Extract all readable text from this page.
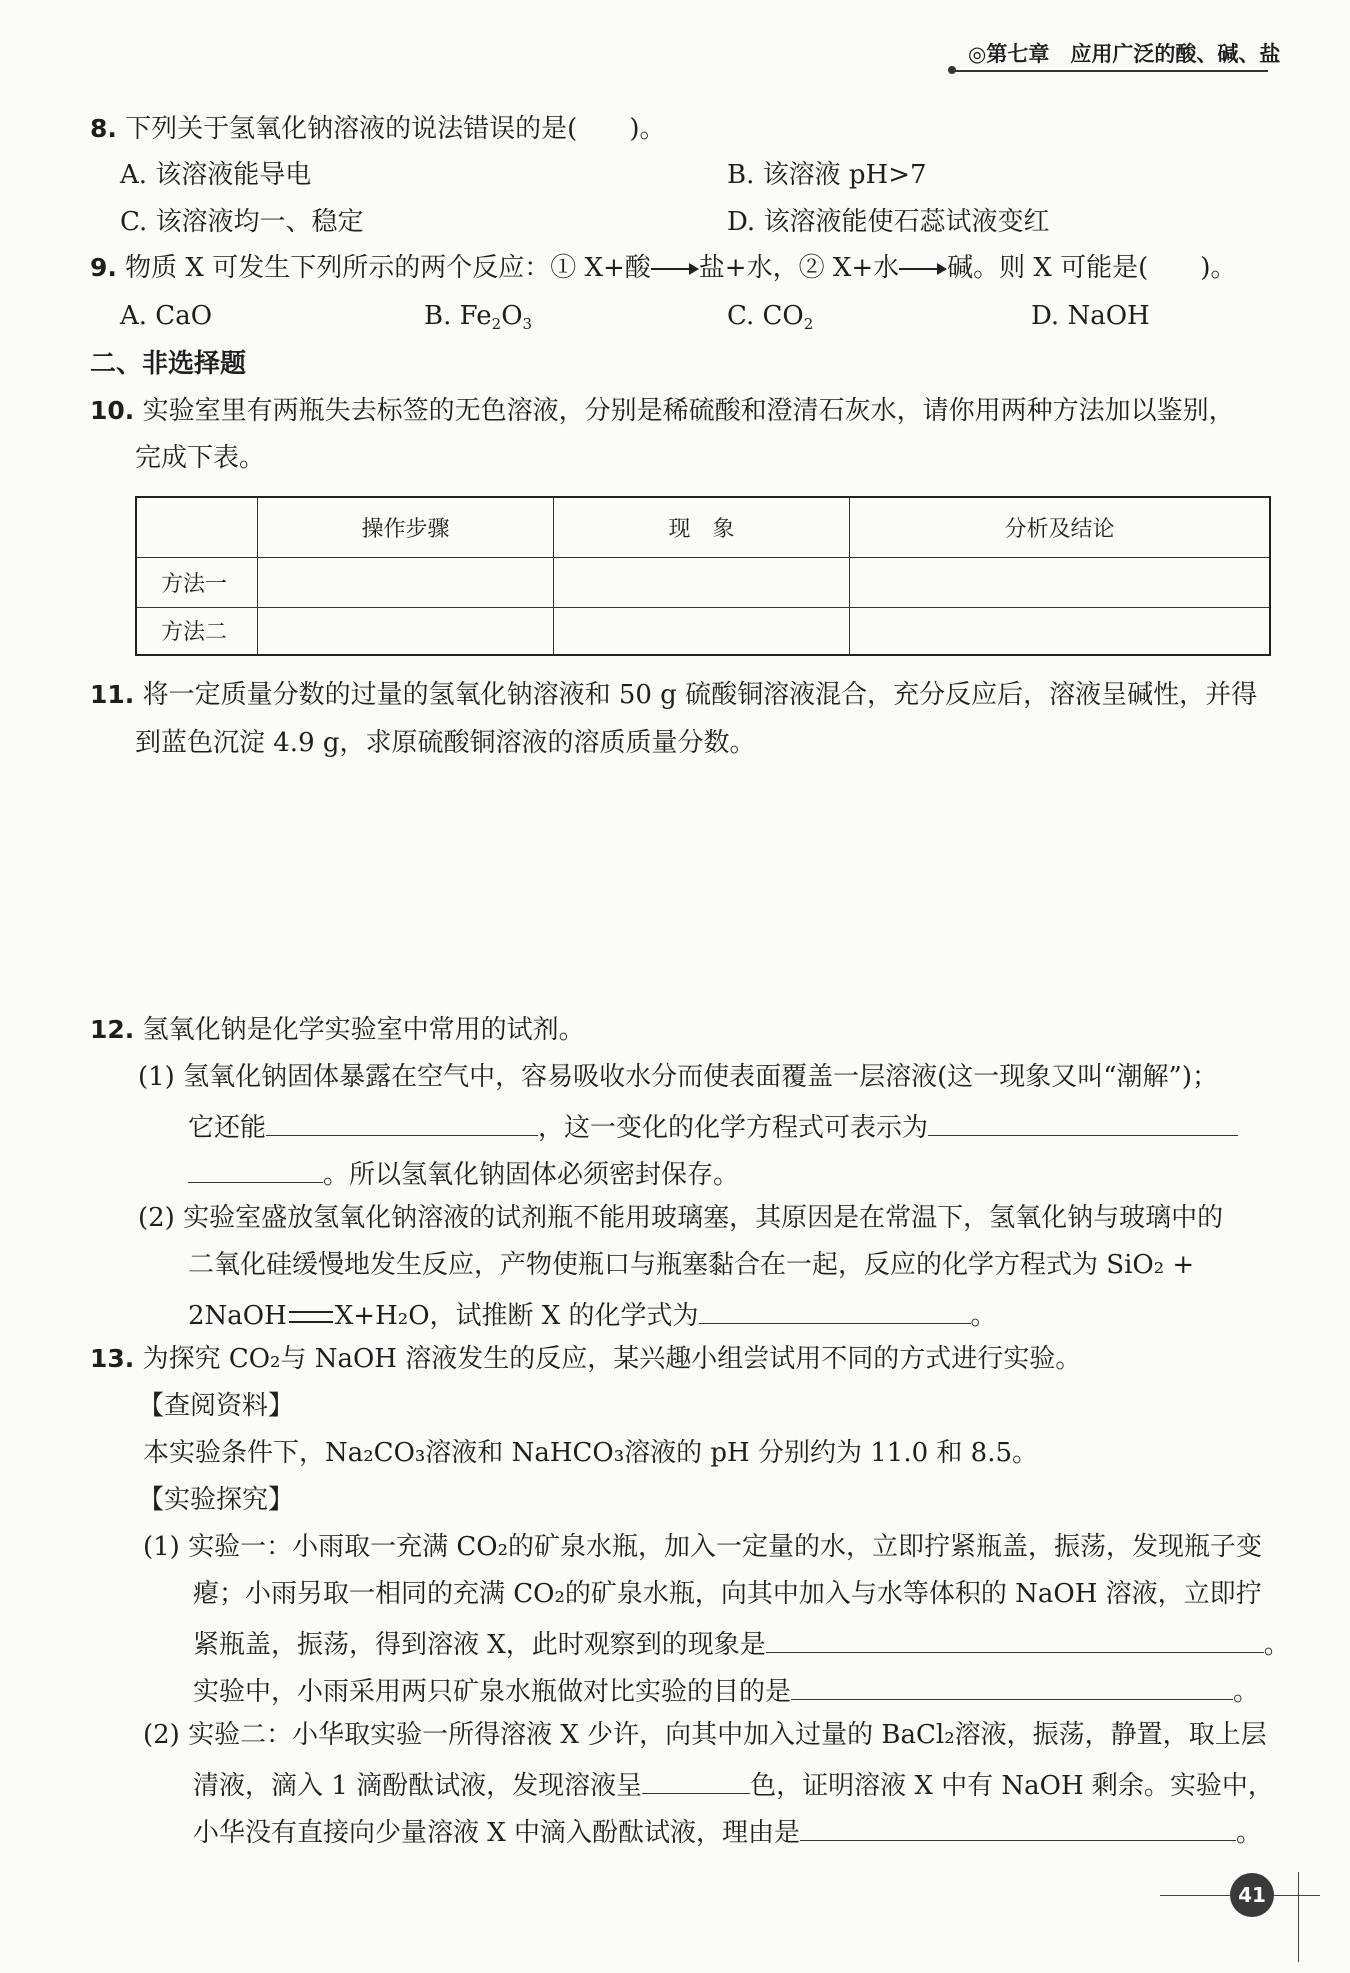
◎第七章　应用广泛的酸、碱、盐
8. 下列关于氢氧化钠溶液的说法错误的是(　　)。
A. 该溶液能导电	B. 该溶液 pH>7
C. 该溶液均一、稳定	D. 该溶液能使石蕊试液变红
9. 物质 X 可发生下列所示的两个反应：① X+酸 盐+水，② X+水 碱。则 X 可能是(　　)。
A. CaO	B. $Fe_2O_3$	C. $CO_2$	D. NaOH
二、非选择题
10. 实验室里有两瓶失去标签的无色溶液，分别是稀硫酸和澄清石灰水，请你用两种方法加以鉴别，
完成下表。
	操作步骤	现　象	分析及结论
方法一			
方法二			
11. 将一定质量分数的过量的氢氧化钠溶液和 50 g 硫酸铜溶液混合，充分反应后，溶液呈碱性，并得
到蓝色沉淀 4.9 g，求原硫酸铜溶液的溶质质量分数。
12. 氢氧化钠是化学实验室中常用的试剂。
(1) 氢氧化钠固体暴露在空气中，容易吸收水分而使表面覆盖一层溶液(这一现象又叫“潮解”)；
它还能	，这一变化的化学方程式可表示为
。所以氢氧化钠固体必须密封保存。
(2) 实验室盛放氢氧化钠溶液的试剂瓶不能用玻璃塞，其原因是在常温下，氢氧化钠与玻璃中的
二氧化硅缓慢地发生反应，产物使瓶口与瓶塞黏合在一起，反应的化学方程式为 SiO₂ +
2NaOH X+H₂O，试推断 X 的化学式为	。
13. 为探究 CO₂与 NaOH 溶液发生的反应，某兴趣小组尝试用不同的方式进行实验。
【查阅资料】
本实验条件下，Na₂CO₃溶液和 NaHCO₃溶液的 pH 分别约为 11.0 和 8.5。
【实验探究】
(1) 实验一：小雨取一充满 CO₂的矿泉水瓶，加入一定量的水，立即拧紧瓶盖，振荡，发现瓶子变
瘪；小雨另取一相同的充满 CO₂的矿泉水瓶，向其中加入与水等体积的 NaOH 溶液，立即拧
紧瓶盖，振荡，得到溶液 X，此时观察到的现象是	。
实验中，小雨采用两只矿泉水瓶做对比实验的目的是	。
(2) 实验二：小华取实验一所得溶液 X 少许，向其中加入过量的 BaCl₂溶液，振荡，静置，取上层
清液，滴入 1 滴酚酞试液，发现溶液呈	色，证明溶液 X 中有 NaOH 剩余。实验中，
小华没有直接向少量溶液 X 中滴入酚酞试液，理由是	。
41
